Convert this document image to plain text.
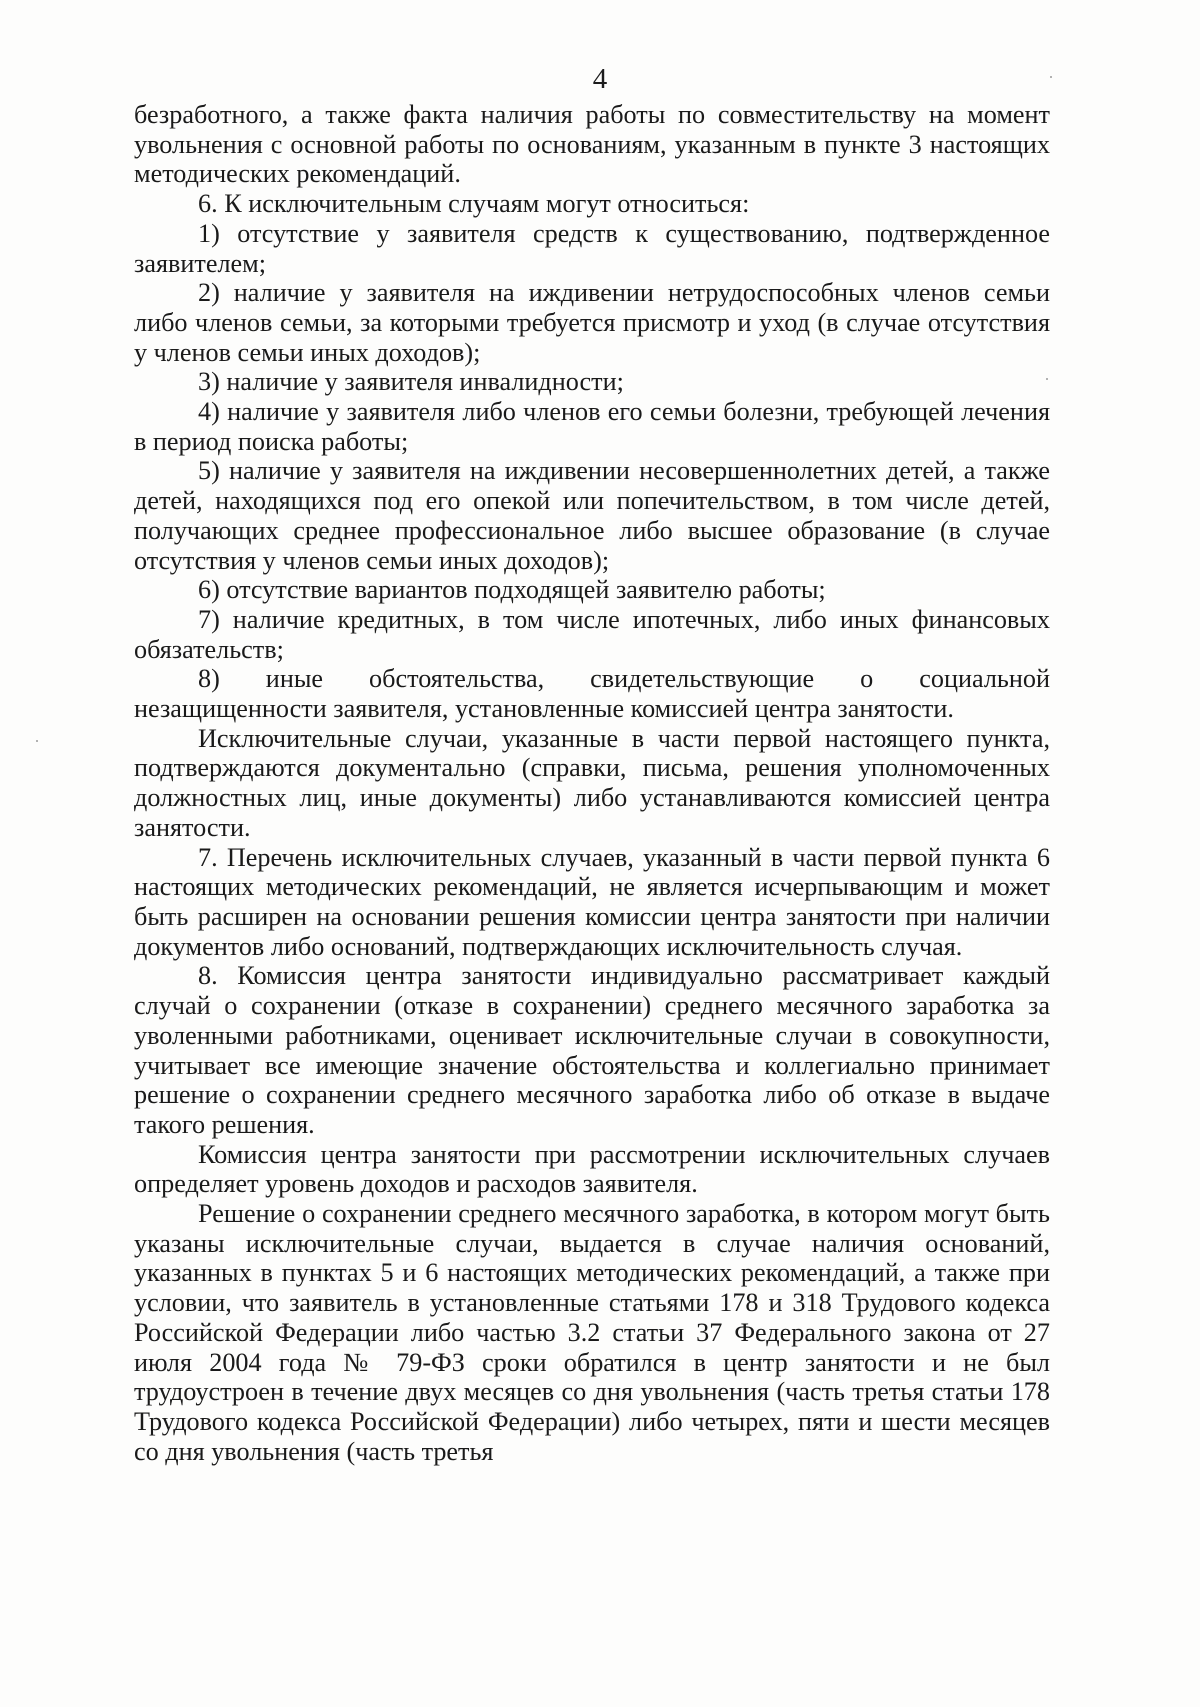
4

безработного, а также факта наличия работы по совместительству на момент увольнения с основной работы по основаниям, указанным в пункте 3 настоящих методических рекомендаций.

6. К исключительным случаям могут относиться:

1) отсутствие у заявителя средств к существованию, подтвержденное заявителем;

2) наличие у заявителя на иждивении нетрудоспособных членов семьи либо членов семьи, за которыми требуется присмотр и уход (в случае отсутствия у членов семьи иных доходов);

3) наличие у заявителя инвалидности;

4) наличие у заявителя либо членов его семьи болезни, требующей лечения в период поиска работы;

5) наличие у заявителя на иждивении несовершеннолетних детей, а также детей, находящихся под его опекой или попечительством, в том числе детей, получающих среднее профессиональное либо высшее образование (в случае отсутствия у членов семьи иных доходов);

6) отсутствие вариантов подходящей заявителю работы;

7) наличие кредитных, в том числе ипотечных, либо иных финансовых обязательств;

8) иные обстоятельства, свидетельствующие о социальной незащищенности заявителя, установленные комиссией центра занятости.

Исключительные случаи, указанные в части первой настоящего пункта, подтверждаются документально (справки, письма, решения уполномоченных должностных лиц, иные документы) либо устанавливаются комиссией центра занятости.

7. Перечень исключительных случаев, указанный в части первой пункта 6 настоящих методических рекомендаций, не является исчерпывающим и может быть расширен на основании решения комиссии центра занятости при наличии документов либо оснований, подтверждающих исключительность случая.

8. Комиссия центра занятости индивидуально рассматривает каждый случай о сохранении (отказе в сохранении) среднего месячного заработка за уволенными работниками, оценивает исключительные случаи в совокупности, учитывает все имеющие значение обстоятельства и коллегиально принимает решение о сохранении среднего месячного заработка либо об отказе в выдаче такого решения.

Комиссия центра занятости при рассмотрении исключительных случаев определяет уровень доходов и расходов заявителя.

Решение о сохранении среднего месячного заработка, в котором могут быть указаны исключительные случаи, выдается в случае наличия оснований, указанных в пунктах 5 и 6 настоящих методических рекомендаций, а также при условии, что заявитель в установленные статьями 178 и 318 Трудового кодекса Российской Федерации либо частью 3.2 статьи 37 Федерального закона от 27 июля 2004 года № 79-ФЗ сроки обратился в центр занятости и не был трудоустроен в течение двух месяцев со дня увольнения (часть третья статьи 178 Трудового кодекса Российской Федерации) либо четырех, пяти и шести месяцев со дня увольнения (часть третья
